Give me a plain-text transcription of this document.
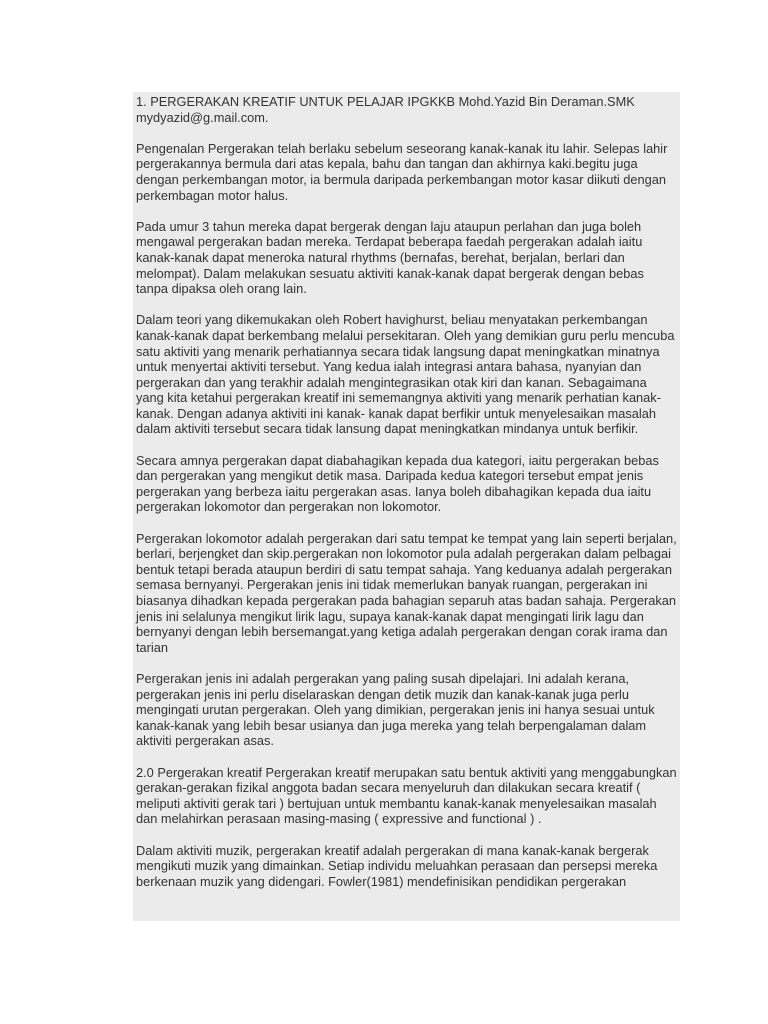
1. PERGERAKAN KREATIF UNTUK PELAJAR IPGKKB Mohd.Yazid Bin Deraman.SMK mydyazid@g.mail.com.

Pengenalan Pergerakan telah berlaku sebelum seseorang kanak-kanak itu lahir. Selepas lahir pergerakannya bermula dari atas kepala, bahu dan tangan dan akhirnya kaki.begitu juga dengan perkembangan motor, ia bermula daripada perkembangan motor kasar diikuti dengan perkembagan motor halus.

Pada umur 3 tahun mereka dapat bergerak dengan laju ataupun perlahan dan juga boleh mengawal pergerakan badan mereka. Terdapat beberapa faedah pergerakan adalah iaitu kanak-kanak dapat meneroka natural rhythms (bernafas, berehat, berjalan, berlari dan melompat). Dalam melakukan sesuatu aktiviti kanak-kanak dapat bergerak dengan bebas tanpa dipaksa oleh orang lain.

Dalam teori yang dikemukakan oleh Robert havighurst, beliau menyatakan perkembangan kanak-kanak dapat berkembang melalui persekitaran. Oleh yang demikian guru perlu mencuba satu aktiviti yang menarik perhatiannya secara tidak langsung dapat meningkatkan minatnya untuk menyertai aktiviti tersebut. Yang kedua ialah integrasi antara bahasa, nyanyian dan pergerakan dan yang terakhir adalah mengintegrasikan otak kiri dan kanan. Sebagaimana yang kita ketahui pergerakan kreatif ini sememangnya aktiviti yang menarik perhatian kanak-kanak. Dengan adanya aktiviti ini kanak- kanak dapat berfikir untuk menyelesaikan masalah dalam aktiviti tersebut secara tidak lansung dapat meningkatkan mindanya untuk berfikir.

Secara amnya pergerakan dapat diabahagikan kepada dua kategori, iaitu pergerakan bebas dan pergerakan yang mengikut detik masa. Daripada kedua kategori tersebut empat jenis pergerakan yang berbeza iaitu pergerakan asas. Ianya boleh dibahagikan kepada dua iaitu pergerakan lokomotor dan pergerakan non lokomotor.

Pergerakan lokomotor adalah pergerakan dari satu tempat ke tempat yang lain seperti berjalan, berlari, berjengket dan skip.pergerakan non lokomotor pula adalah pergerakan dalam pelbagai bentuk tetapi berada ataupun berdiri di satu tempat sahaja. Yang keduanya adalah pergerakan semasa bernyanyi. Pergerakan jenis ini tidak memerlukan banyak ruangan, pergerakan ini biasanya dihadkan kepada pergerakan pada bahagian separuh atas badan sahaja. Pergerakan jenis ini selalunya mengikut lirik lagu, supaya kanak-kanak dapat mengingati lirik lagu dan bernyanyi dengan lebih bersemangat.yang ketiga adalah pergerakan dengan corak irama dan tarian

Pergerakan jenis ini adalah pergerakan yang paling susah dipelajari. Ini adalah kerana, pergerakan jenis ini perlu diselaraskan dengan detik muzik dan kanak-kanak juga perlu mengingati urutan pergerakan. Oleh yang dimikian, pergerakan jenis ini hanya sesuai untuk kanak-kanak yang lebih besar usianya dan juga mereka yang telah berpengalaman dalam aktiviti pergerakan asas.

2.0 Pergerakan kreatif Pergerakan kreatif merupakan satu bentuk aktiviti yang menggabungkan gerakan-gerakan fizikal anggota badan secara menyeluruh dan dilakukan secara kreatif ( meliputi aktiviti gerak tari ) bertujuan untuk membantu kanak-kanak menyelesaikan masalah dan melahirkan perasaan masing-masing ( expressive and functional ) .

Dalam aktiviti muzik, pergerakan kreatif adalah pergerakan di mana kanak-kanak bergerak mengikuti muzik yang dimainkan. Setiap individu meluahkan perasaan dan persepsi mereka berkenaan muzik yang didengari. Fowler(1981) mendefinisikan pendidikan pergerakan
